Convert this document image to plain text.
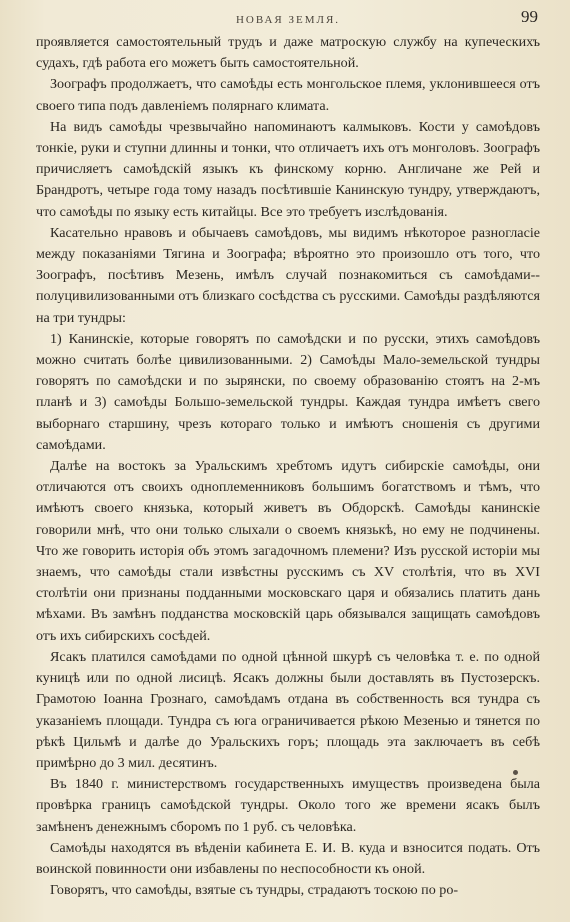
НОВАЯ ЗЕМЛЯ.	99

проявляется самостоятельный трудъ и даже матроскую службу на купеческихъ судахъ, гдѣ работа его можетъ быть самостоятельной.

Зоографъ продолжаетъ, что самоѣды есть монгольское племя, уклонившееся отъ своего типа подъ давленіемъ полярнаго климата.

На видъ самоѣды чрезвычайно напоминаютъ калмыковъ. Кости у самоѣдовъ тонкіе, руки и ступни длинны и тонки, что отличаетъ ихъ отъ монголовъ. Зоографъ причисляетъ самоѣдскій языкъ къ финскому корню. Англичане же Рей и Брандротъ, четыре года тому назадъ посѣтившіе Канинскую тундру, утверждаютъ, что самоѣды по языку есть китайцы. Все это требуетъ изслѣдованія.

Касательно нравовъ и обычаевъ самоѣдовъ, мы видимъ нѣкоторое разногласіе между показаніями Тягина и Зоографа; вѣроятно это произошло отъ того, что Зоографъ, посѣтивъ Мезень, имѣлъ случай познакомиться съ самоѣдами--полуцивилизованными отъ близкаго сосѣдства съ русскими. Самоѣды раздѣляются на три тундры:

1) Канинскіе, которые говорятъ по самоѣдски и по русски, этихъ самоѣдовъ можно считать болѣе цивилизованными. 2) Самоѣды Мало-земельской тундры говорятъ по самоѣдски и по зырянски, по своему образованію стоятъ на 2-мъ планѣ и 3) самоѣды Большо-земельской тундры. Каждая тундра имѣетъ свего выборнаго старшину, чрезъ котораго только и имѣютъ сношенія съ другими самоѣдами.

Далѣе на востокъ за Уральскимъ хребтомъ идутъ сибирскіе самоѣды, они отличаются отъ своихъ одноплеменниковъ большимъ богатствомъ и тѣмъ, что имѣютъ своего князька, который живетъ въ Обдорскѣ. Самоѣды канинскіе говорили мнѣ, что они только слыхали о своемъ князькѣ, но ему не подчинены. Что же говорить исторія объ этомъ загадочномъ племени? Изъ русской исторіи мы знаемъ, что самоѣды стали извѣстны русскимъ съ XV столѣтія, что въ XVI столѣтіи они признаны подданными московскаго царя и обязались платить дань мѣхами. Въ замѣнъ подданства московскій царь обязывался защищать самоѣдовъ отъ ихъ сибирскихъ сосѣдей.

Ясакъ платился самоѣдами по одной цѣнной шкурѣ съ человѣка т. е. по одной куницѣ или по одной лисицѣ. Ясакъ должны были доставлять въ Пустозерскъ. Грамотою Іоанна Грознаго, самоѣдамъ отдана въ собственность вся тундра съ указаніемъ площади. Тундра съ юга ограничивается рѣкою Мезенью и тянется по рѣкѣ Цильмѣ и далѣе до Уральскихъ горъ; площадь эта заключаетъ въ себѣ примѣрно до 3 мил. десятинъ.

Въ 1840 г. министерствомъ государственныхъ имуществъ произведена была провѣрка границъ самоѣдской тундры. Около того же времени ясакъ былъ замѣненъ денежнымъ сборомъ по 1 руб. съ человѣка.

Самоѣды находятся въ вѣденіи кабинета Е. И. В. куда и взносится подать. Отъ воинской повинности они избавлены по неспособности къ оной.

Говорятъ, что самоѣды, взятые съ тундры, страдаютъ тоскою по ро-
